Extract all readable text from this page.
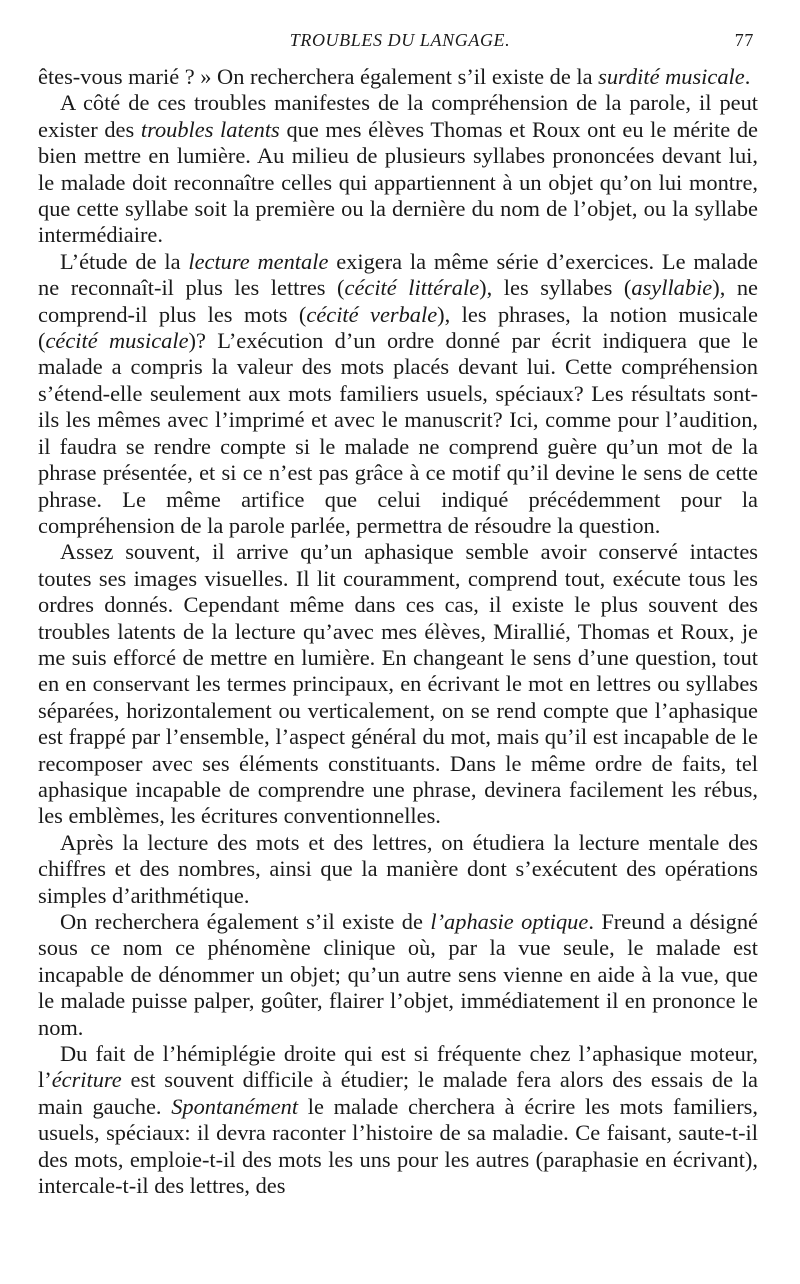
TROUBLES DU LANGAGE.	77

êtes-vous marié ? » On recherchera également s’il existe de la surdité musicale.

A côté de ces troubles manifestes de la compréhension de la parole, il peut exister des troubles latents que mes élèves Thomas et Roux ont eu le mérite de bien mettre en lumière. Au milieu de plusieurs syllabes prononcées devant lui, le malade doit reconnaître celles qui appartiennent à un objet qu’on lui montre, que cette syllabe soit la première ou la dernière du nom de l’objet, ou la syllabe intermédiaire.

L’étude de la lecture mentale exigera la même série d’exercices. Le malade ne reconnaît-il plus les lettres (cécité littérale), les syllabes (asyllabie), ne comprend-il plus les mots (cécité verbale), les phrases, la notion musicale (cécité musicale)? L’exécution d’un ordre donné par écrit indiquera que le malade a compris la valeur des mots placés devant lui. Cette compréhension s’étend-elle seulement aux mots familiers usuels, spéciaux? Les résultats sont-ils les mêmes avec l’imprimé et avec le manuscrit? Ici, comme pour l’audition, il faudra se rendre compte si le malade ne comprend guère qu’un mot de la phrase présentée, et si ce n’est pas grâce à ce motif qu’il devine le sens de cette phrase. Le même artifice que celui indiqué précédemment pour la compréhension de la parole parlée, permettra de résoudre la question.

Assez souvent, il arrive qu’un aphasique semble avoir conservé intactes toutes ses images visuelles. Il lit couramment, comprend tout, exécute tous les ordres donnés. Cependant même dans ces cas, il existe le plus souvent des troubles latents de la lecture qu’avec mes élèves, Mirallié, Thomas et Roux, je me suis efforcé de mettre en lumière. En changeant le sens d’une question, tout en en conservant les termes principaux, en écrivant le mot en lettres ou syllabes séparées, horizontalement ou verticalement, on se rend compte que l’aphasique est frappé par l’ensemble, l’aspect général du mot, mais qu’il est incapable de le recomposer avec ses éléments constituants. Dans le même ordre de faits, tel aphasique incapable de comprendre une phrase, devinera facilement les rébus, les emblèmes, les écritures conventionnelles.

Après la lecture des mots et des lettres, on étudiera la lecture mentale des chiffres et des nombres, ainsi que la manière dont s’exécutent des opérations simples d’arithmétique.

On recherchera également s’il existe de l’aphasie optique. Freund a désigné sous ce nom ce phénomène clinique où, par la vue seule, le malade est incapable de dénommer un objet; qu’un autre sens vienne en aide à la vue, que le malade puisse palper, goûter, flairer l’objet, immédiatement il en prononce le nom.

Du fait de l’hémiplégie droite qui est si fréquente chez l’aphasique moteur, l’écriture est souvent difficile à étudier; le malade fera alors des essais de la main gauche. Spontanément le malade cherchera à écrire les mots familiers, usuels, spéciaux: il devra raconter l’histoire de sa maladie. Ce faisant, saute-t-il des mots, emploie-t-il des mots les uns pour les autres (paraphasie en écrivant), intercale-t-il des lettres, des
